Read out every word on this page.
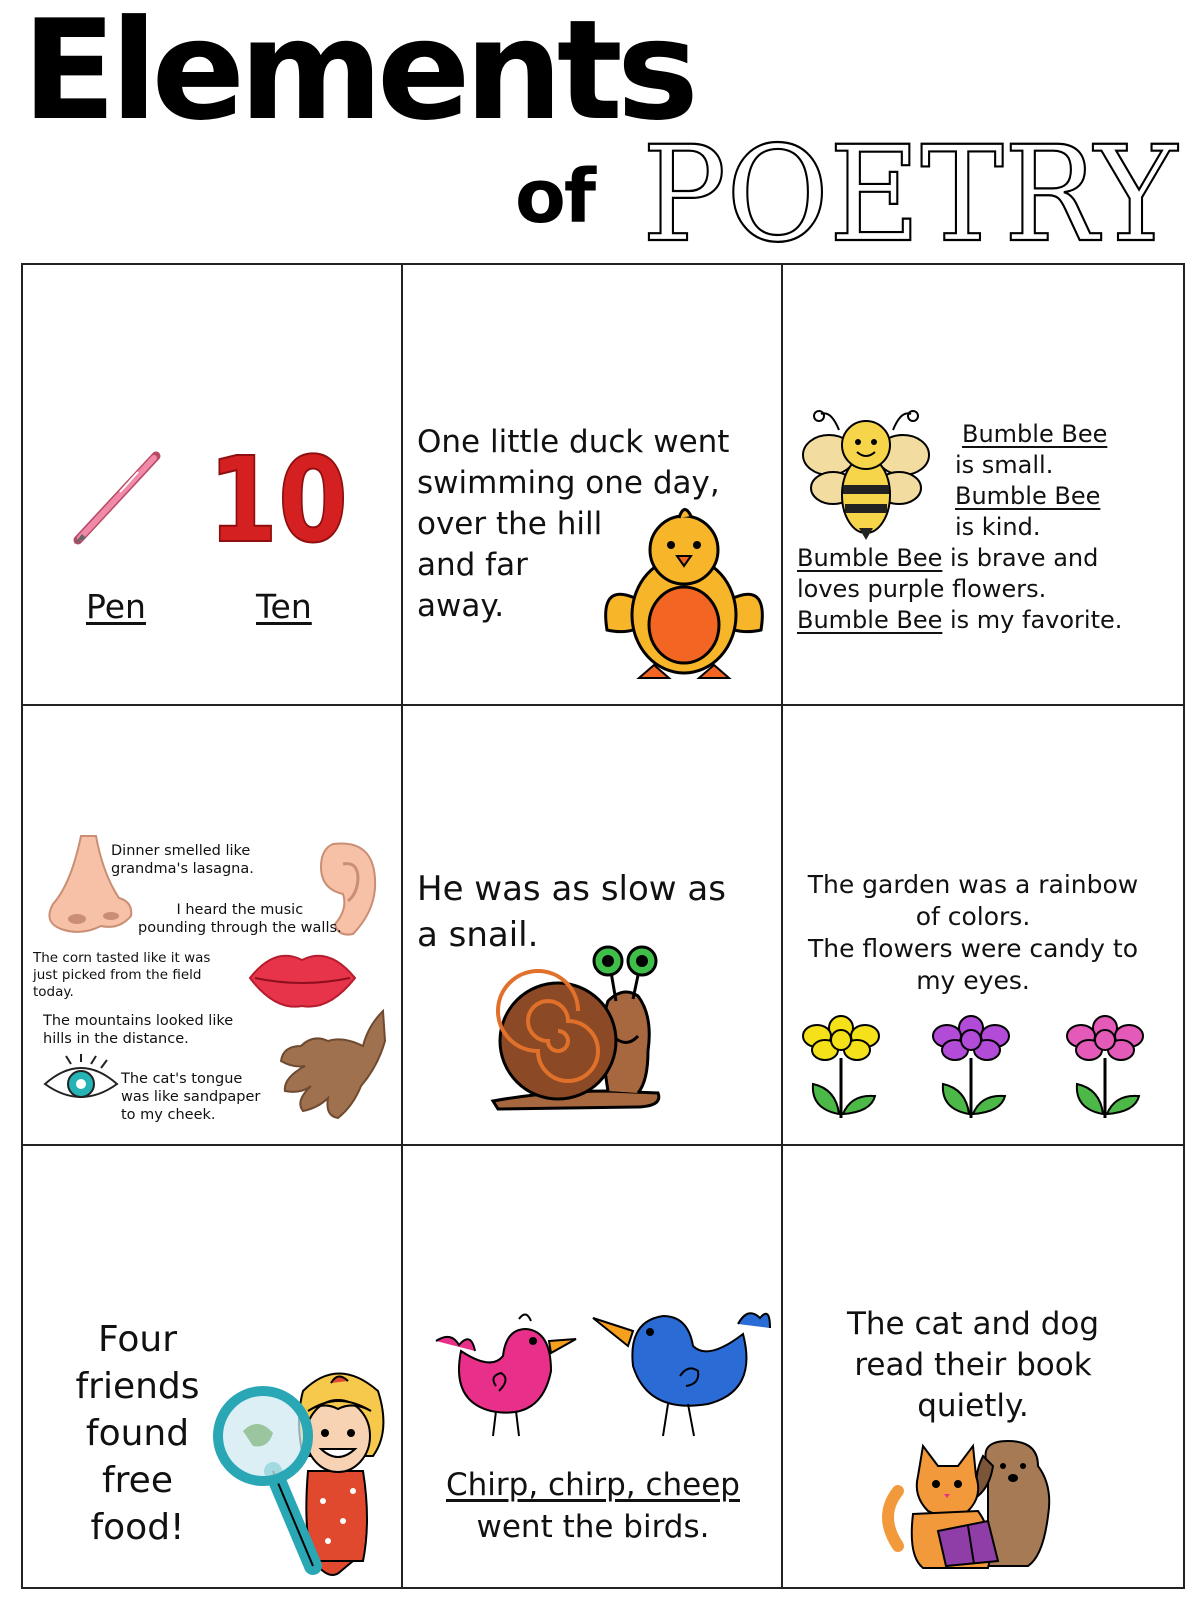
Elements
of POETRY
10
Pen	Ten
One little duck went
swimming one day,
over the hill
and far
away.
Bumble Bee
is small.
Bumble Bee
is kind.
Bumble Bee is brave and
loves purple flowers.
Bumble Bee is my favorite.
Dinner smelled like
grandma's lasagna.
I heard the music
pounding through the walls.
The corn tasted like it was
just picked from the field
today.
The mountains looked like
hills in the distance.
The cat's tongue
was like sandpaper
to my cheek.
He was as slow as
a snail.
The garden was a rainbow
of colors.
The flowers were candy to
my eyes.
Four
friends
found
free
food!
Chirp, chirp, cheep
went the birds.
The cat and dog
read their book
quietly.
